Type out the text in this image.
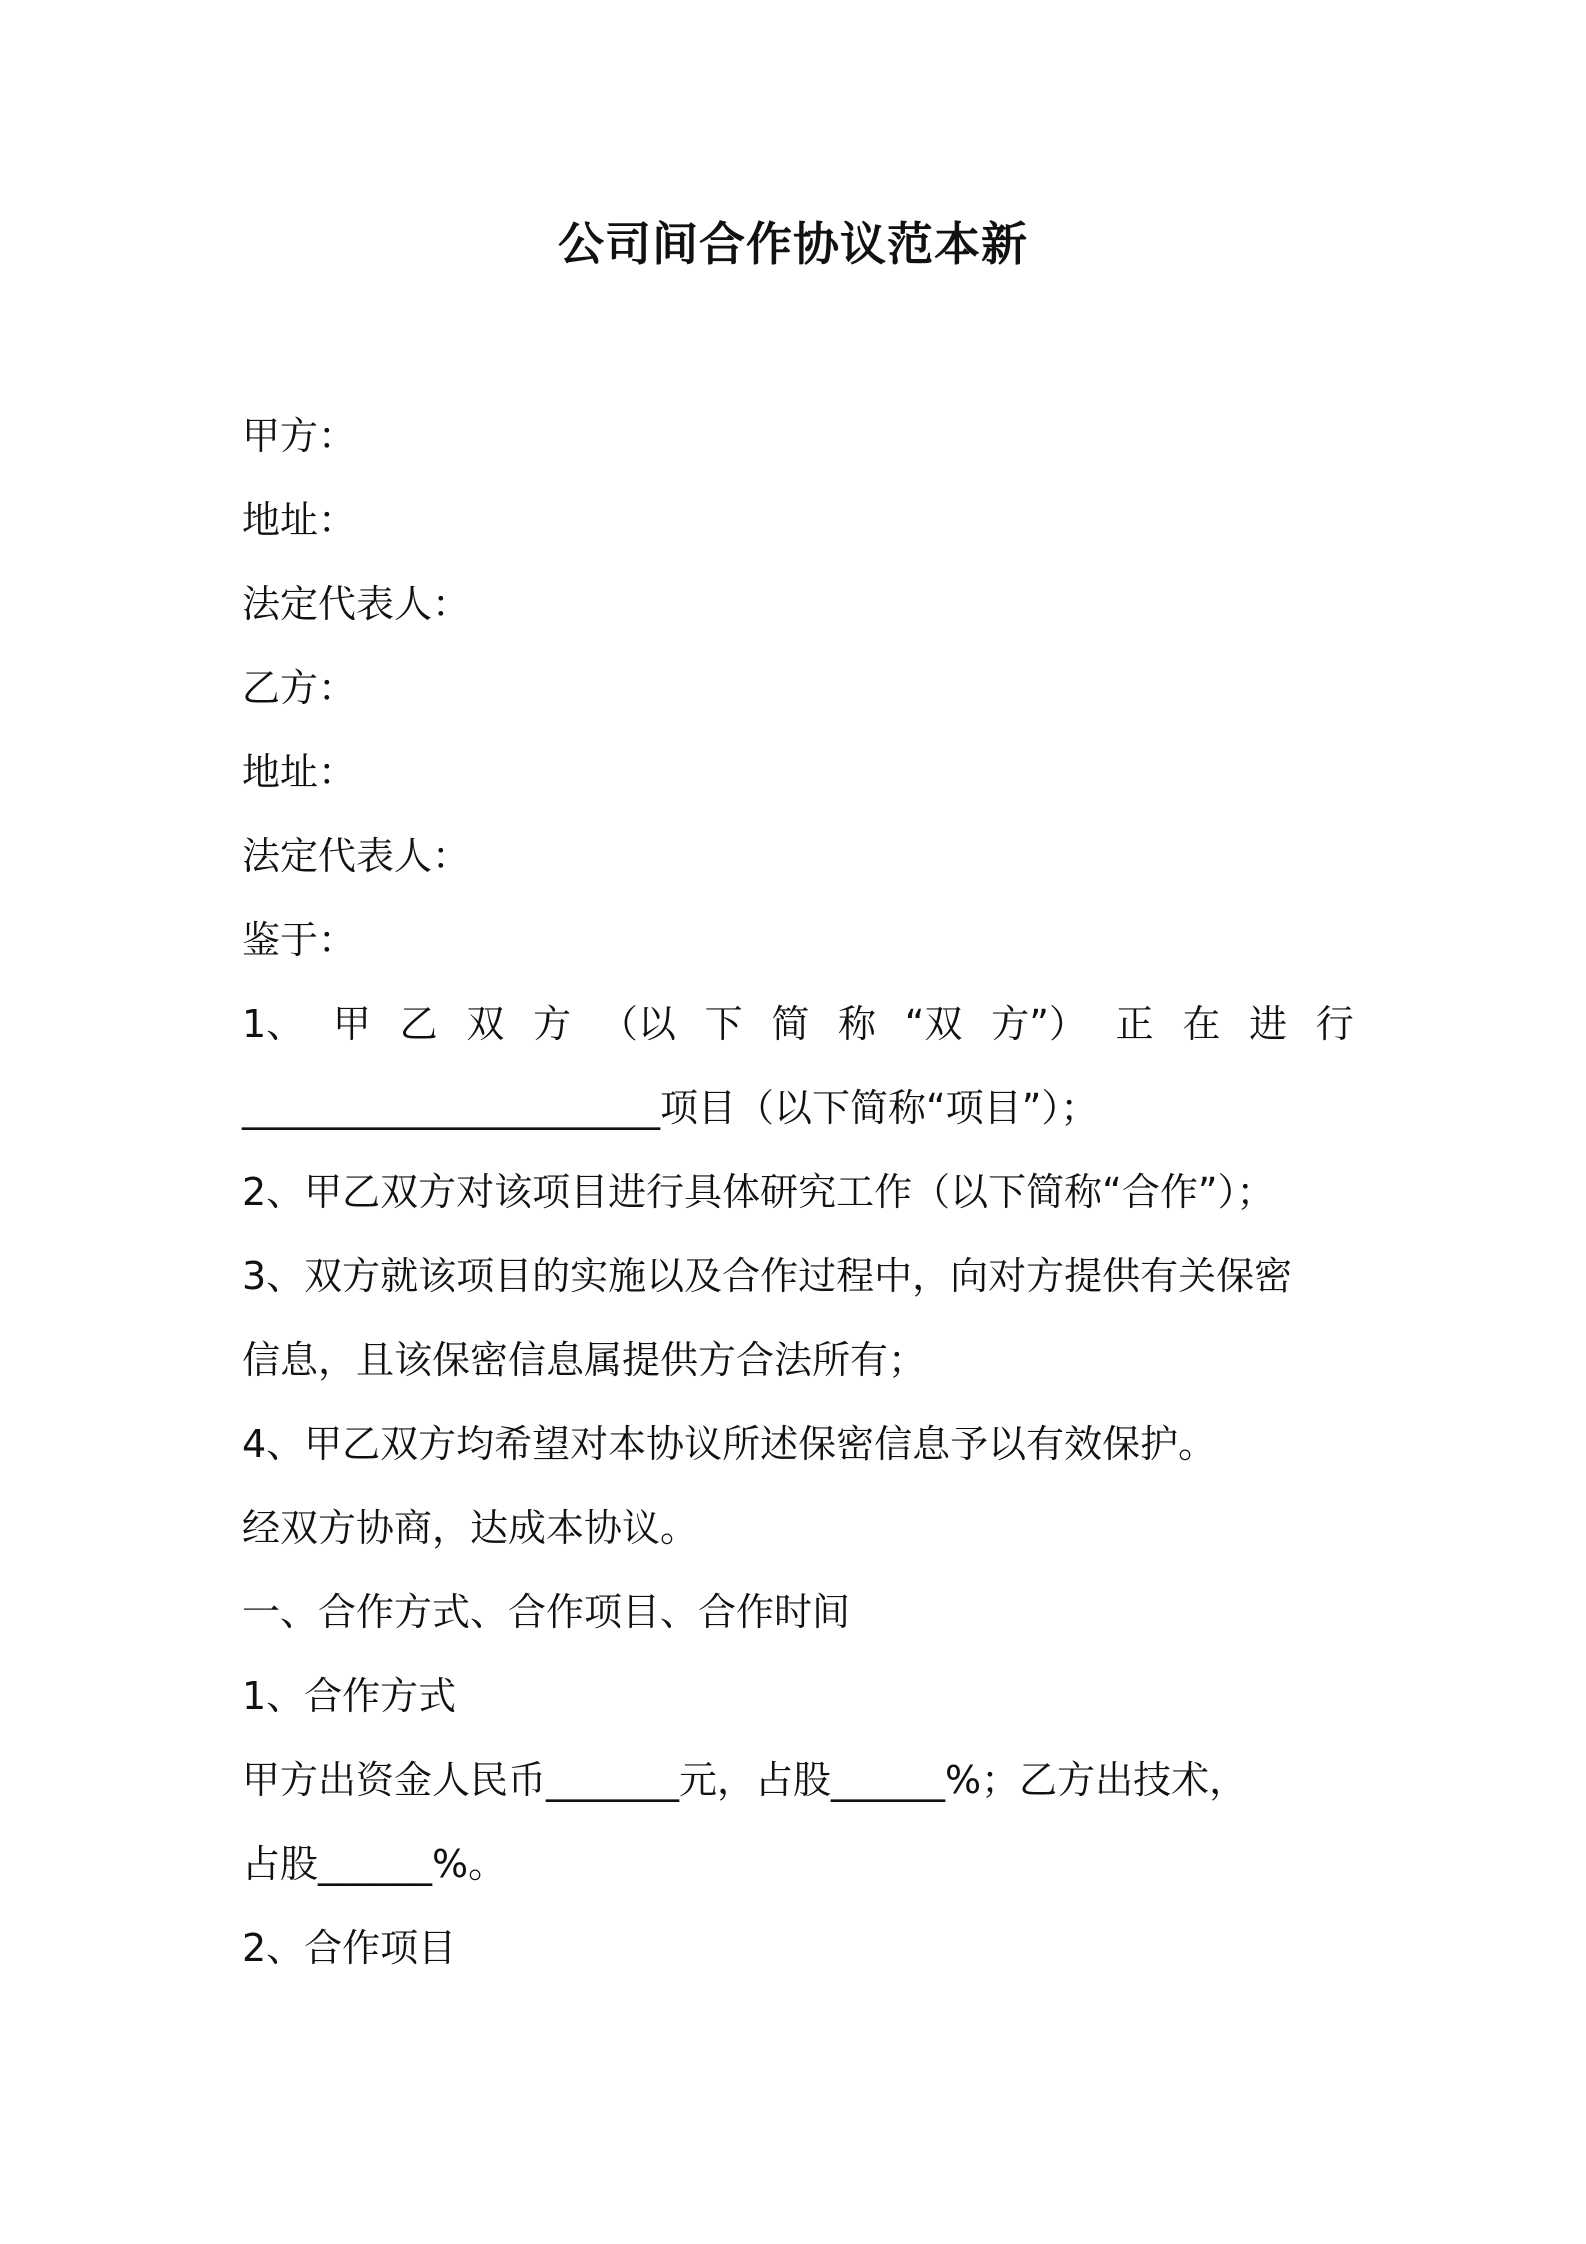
公司间合作协议范本新
甲方：
地址：
法定代表人：
乙方：
地址：
法定代表人：
鉴于：
1、 甲 乙 双 方 （以 下 简 称 “双 方”） 正 在 进 行
______________________项目（以下简称“项目”）；
2、甲乙双方对该项目进行具体研究工作（以下简称“合作”）；
3、双方就该项目的实施以及合作过程中，向对方提供有关保密
信息，且该保密信息属提供方合法所有；
4、甲乙双方均希望对本协议所述保密信息予以有效保护。
经双方协商，达成本协议。
一、合作方式、合作项目、合作时间
1、合作方式
甲方出资金人民币_______元，占股______%；乙方出技术，
占股______%。
2、合作项目
